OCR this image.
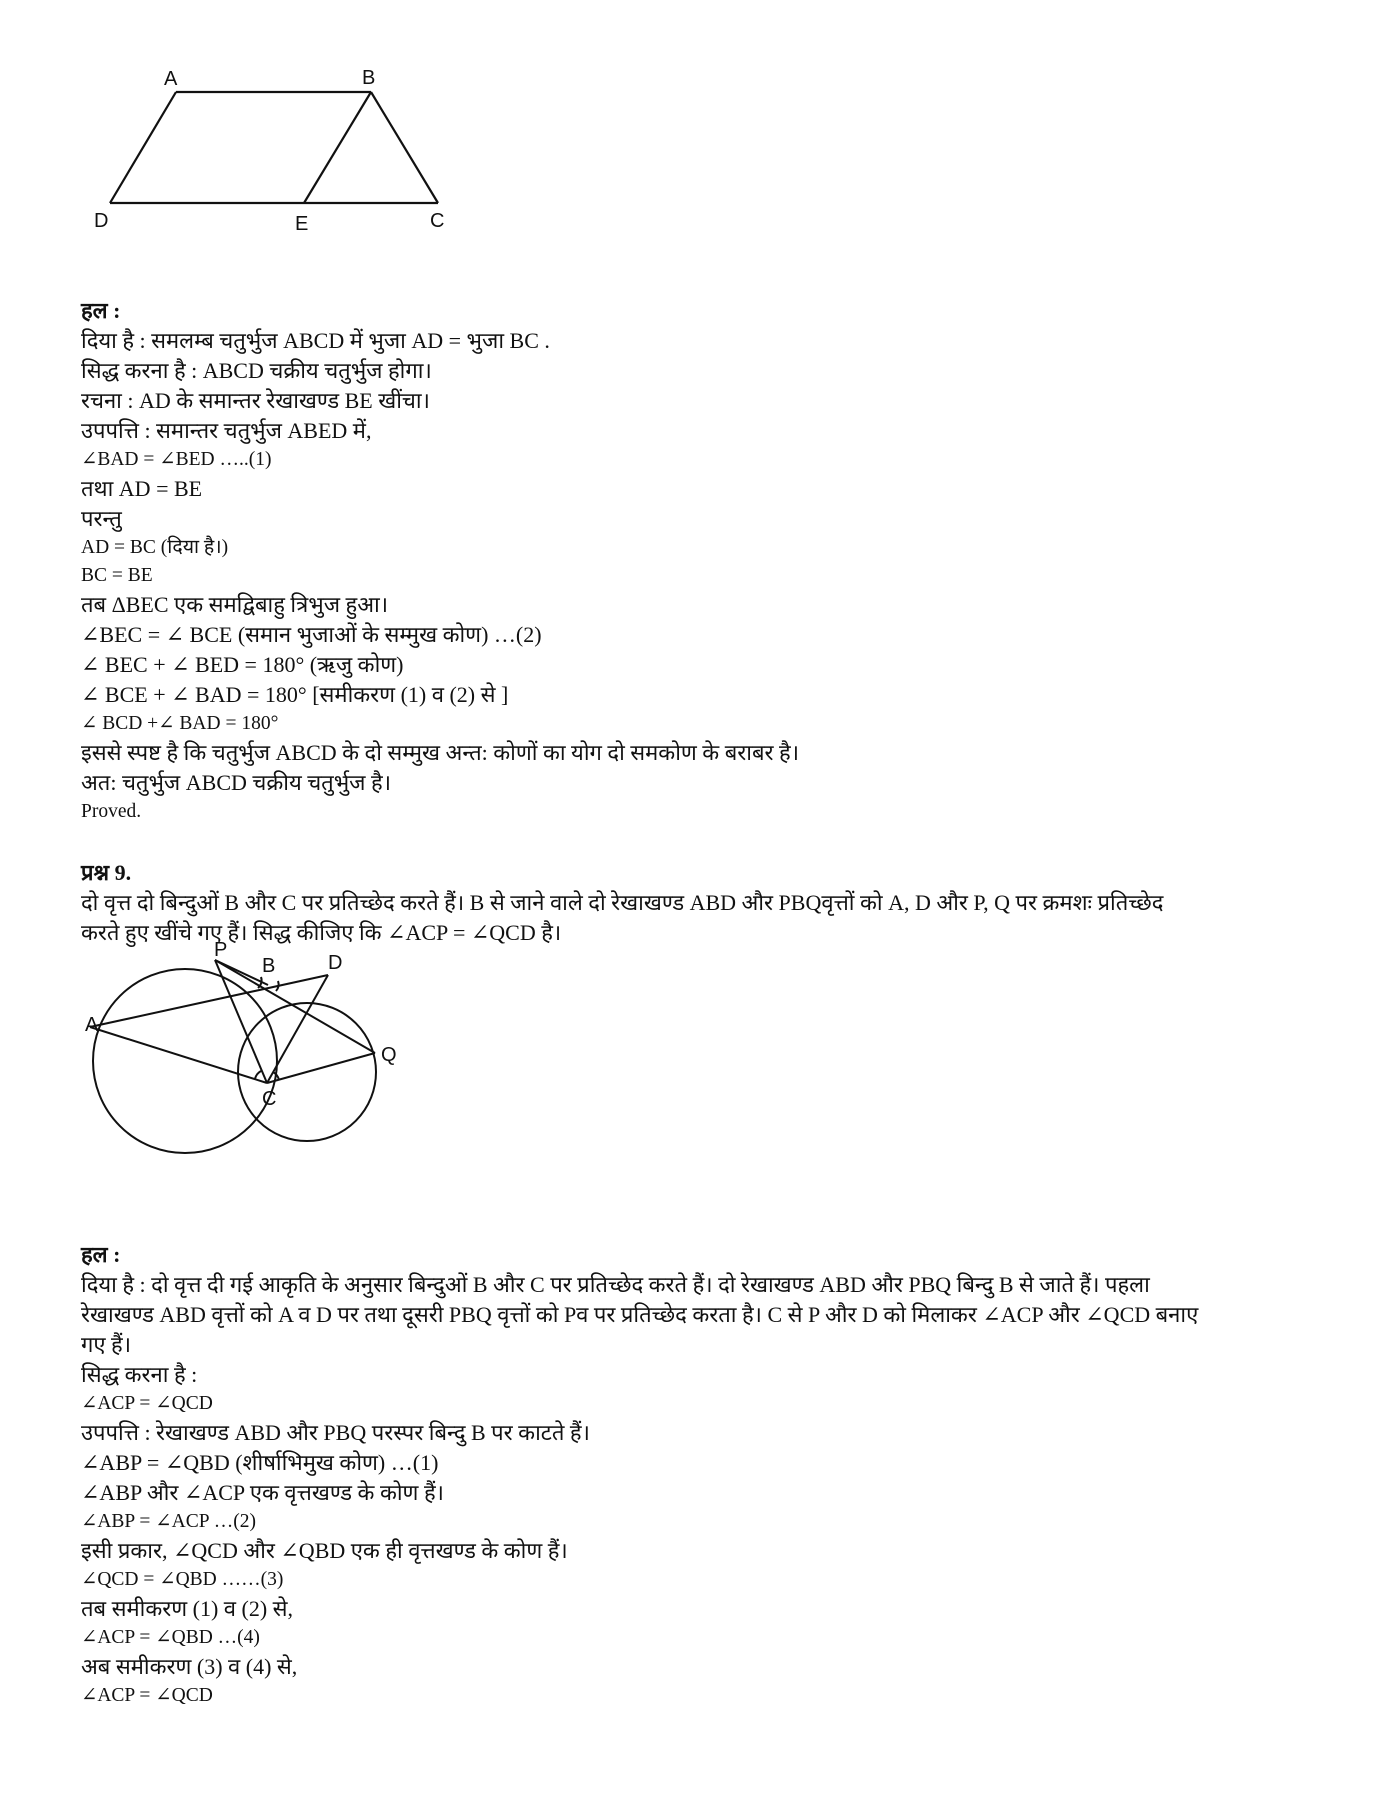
A	B
D	E	C
हल :
दिया है : समलम्ब चतुर्भुज ABCD में भुजा AD = भुजा BC .
सिद्ध करना है : ABCD चक्रीय चतुर्भुज होगा।
रचना : AD के समान्तर रेखाखण्ड BE खींचा।
उपपत्ति : समान्तर चतुर्भुज ABED में,
∠BAD = ∠BED …..(1)
तथा AD = BE
परन्तु
AD = BC (दिया है।)
BC = BE
तब ΔBEC एक समद्विबाहु त्रिभुज हुआ।
∠BEC = ∠ BCE (समान भुजाओं के सम्मुख कोण) …(2)
∠ BEC + ∠ BED = 180° (ऋजु कोण)
∠ BCE + ∠ BAD = 180° [समीकरण (1) व (2) से ]
∠ BCD +∠ BAD = 180°
इससे स्पष्ट है कि चतुर्भुज ABCD के दो सम्मुख अन्त: कोणों का योग दो समकोण के बराबर है।
अत: चतुर्भुज ABCD चक्रीय चतुर्भुज है।
Proved.
प्रश्न 9.
दो वृत्त दो बिन्दुओं B और C पर प्रतिच्छेद करते हैं। B से जाने वाले दो रेखाखण्ड ABD और PBQवृत्तों को A, D और P, Q पर क्रमशः प्रतिच्छेद
करते हुए खींचे गए हैं। सिद्ध कीजिए कि ∠ACP = ∠QCD है।
P
B	D
A
Q
C
हल :
दिया है : दो वृत्त दी गई आकृति के अनुसार बिन्दुओं B और C पर प्रतिच्छेद करते हैं। दो रेखाखण्ड ABD और PBQ बिन्दु B से जाते हैं। पहला
रेखाखण्ड ABD वृत्तों को A व D पर तथा दूसरी PBQ वृत्तों को Pव पर प्रतिच्छेद करता है। C से P और D को मिलाकर ∠ACP और ∠QCD बनाए
गए हैं।
सिद्ध करना है :
∠ACP = ∠QCD
उपपत्ति : रेखाखण्ड ABD और PBQ परस्पर बिन्दु B पर काटते हैं।
∠ABP = ∠QBD (शीर्षाभिमुख कोण) …(1)
∠ABP और ∠ACP एक वृत्तखण्ड के कोण हैं।
∠ABP = ∠ACP …(2)
इसी प्रकार, ∠QCD और ∠QBD एक ही वृत्तखण्ड के कोण हैं।
∠QCD = ∠QBD ……(3)
तब समीकरण (1) व (2) से,
∠ACP = ∠QBD …(4)
अब समीकरण (3) व (4) से,
∠ACP = ∠QCD
